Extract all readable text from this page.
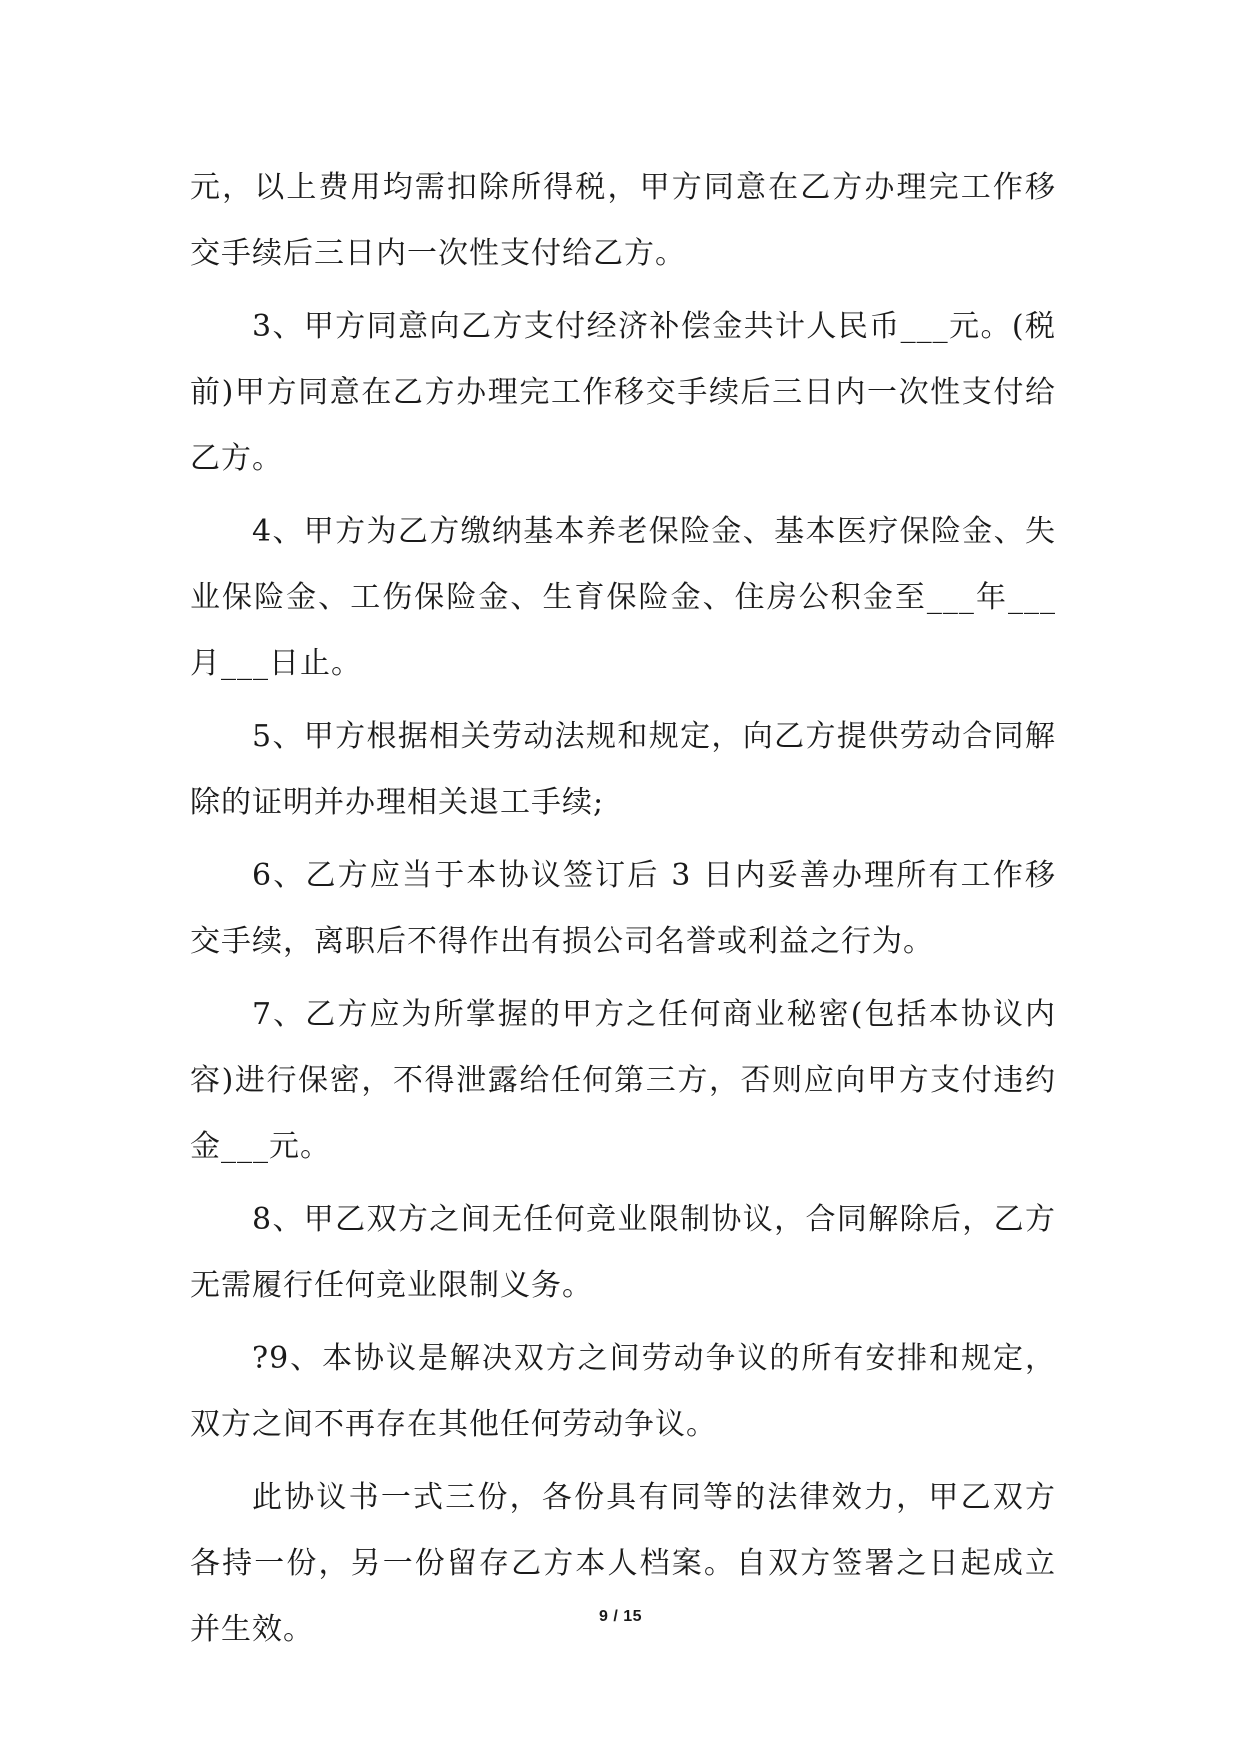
元，以上费用均需扣除所得税，甲方同意在乙方办理完工作移交手续后三日内一次性支付给乙方。

3、甲方同意向乙方支付经济补偿金共计人民币___元。(税前)甲方同意在乙方办理完工作移交手续后三日内一次性支付给乙方。

4、甲方为乙方缴纳基本养老保险金、基本医疗保险金、失业保险金、工伤保险金、生育保险金、住房公积金至___年___月___日止。

5、甲方根据相关劳动法规和规定，向乙方提供劳动合同解除的证明并办理相关退工手续;

6、乙方应当于本协议签订后 3 日内妥善办理所有工作移交手续，离职后不得作出有损公司名誉或利益之行为。

7、乙方应为所掌握的甲方之任何商业秘密(包括本协议内容)进行保密，不得泄露给任何第三方，否则应向甲方支付违约金___元。

8、甲乙双方之间无任何竞业限制协议，合同解除后，乙方无需履行任何竞业限制义务。

?9、本协议是解决双方之间劳动争议的所有安排和规定，双方之间不再存在其他任何劳动争议。

此协议书一式三份，各份具有同等的法律效力，甲乙双方各持一份，另一份留存乙方本人档案。自双方签署之日起成立并生效。	9 / 15
